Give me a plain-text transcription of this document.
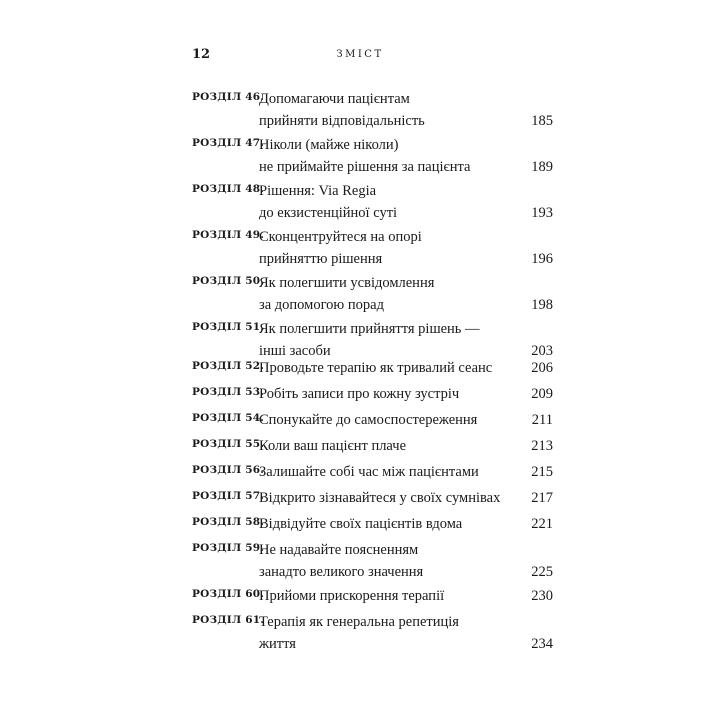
12	ЗМІСТ
РОЗДІЛ 46.
Допомагаючи пацієнтам
прийняти відповідальність	185
РОЗДІЛ 47.
Ніколи (майже ніколи)
не приймайте рішення за пацієнта	189
РОЗДІЛ 48.
Рішення: Via Regia
до екзистенційної суті	193
РОЗДІЛ 49.
Сконцентруйтеся на опорі
прийняттю рішення	196
РОЗДІЛ 50.
Як полегшити усвідомлення
за допомогою порад	198
РОЗДІЛ 51.
Як полегшити прийняття рішень —
інші засоби	203
РОЗДІЛ 52.
Проводьте терапію як тривалий сеанс	206
РОЗДІЛ 53.
Робіть записи про кожну зустріч	209
РОЗДІЛ 54.
Спонукайте до самоспостереження	211
РОЗДІЛ 55.
Коли ваш пацієнт плаче	213
РОЗДІЛ 56.
Залишайте собі час між пацієнтами	215
РОЗДІЛ 57.
Відкрито зізнавайтеся у своїх сумнівах 217
РОЗДІЛ 58.
Відвідуйте своїх пацієнтів вдома	221
РОЗДІЛ 59.
Не надавайте поясненням
занадто великого значення	225
РОЗДІЛ 60.
Прийоми прискорення терапії	230
РОЗДІЛ 61.
Терапія як генеральна репетиція
життя	234
